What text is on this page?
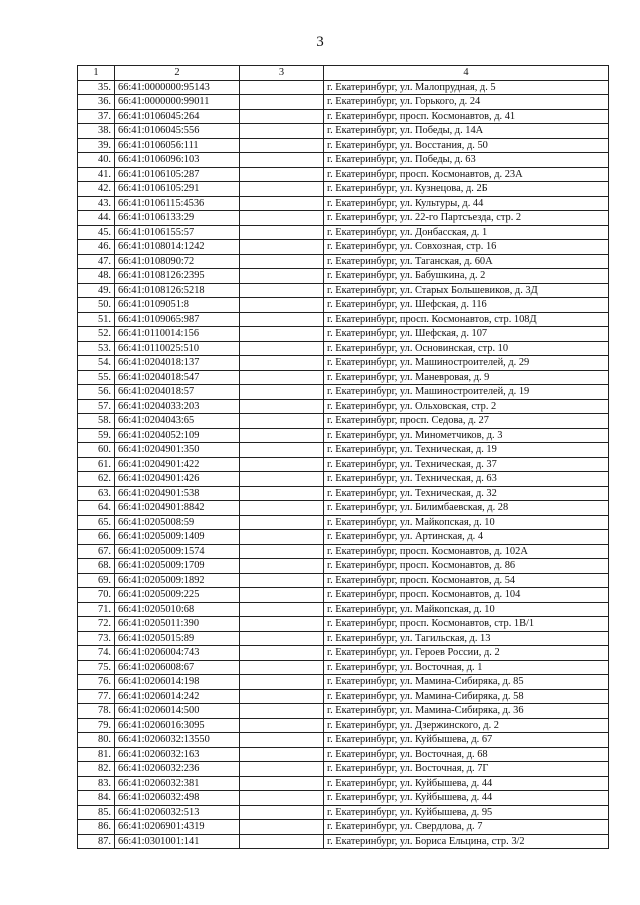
3
1	2	3	4
35.	66:41:0000000:95143		г. Екатеринбург, ул. Малопрудная, д. 5
36.	66:41:0000000:99011		г. Екатеринбург, ул. Горького, д. 24
37.	66:41:0106045:264		г. Екатеринбург, просп. Космонавтов, д. 41
38.	66:41:0106045:556		г. Екатеринбург, ул. Победы, д. 14А
39.	66:41:0106056:111		г. Екатеринбург, ул. Восстания, д. 50
40.	66:41:0106096:103		г. Екатеринбург, ул. Победы, д. 63
41.	66:41:0106105:287		г. Екатеринбург, просп. Космонавтов, д. 23А
42.	66:41:0106105:291		г. Екатеринбург, ул. Кузнецова, д. 2Б
43.	66:41:0106115:4536		г. Екатеринбург, ул. Культуры, д. 44
44.	66:41:0106133:29		г. Екатеринбург, ул. 22-го Партсъезда, стр. 2
45.	66:41:0106155:57		г. Екатеринбург, ул. Донбасская, д. 1
46.	66:41:0108014:1242		г. Екатеринбург, ул. Совхозная, стр. 16
47.	66:41:0108090:72		г. Екатеринбург, ул. Таганская, д. 60А
48.	66:41:0108126:2395		г. Екатеринбург, ул. Бабушкина, д. 2
49.	66:41:0108126:5218		г. Екатеринбург, ул. Старых Большевиков, д. 3Д
50.	66:41:0109051:8		г. Екатеринбург, ул. Шефская, д. 116
51.	66:41:0109065:987		г. Екатеринбург, просп. Космонавтов, стр. 108Д
52.	66:41:0110014:156		г. Екатеринбург, ул. Шефская, д. 107
53.	66:41:0110025:510		г. Екатеринбург, ул. Основинская, стр. 10
54.	66:41:0204018:137		г. Екатеринбург, ул. Машиностроителей, д. 29
55.	66:41:0204018:547		г. Екатеринбург, ул. Маневровая, д. 9
56.	66:41:0204018:57		г. Екатеринбург, ул. Машиностроителей, д. 19
57.	66:41:0204033:203		г. Екатеринбург, ул. Ольховская, стр. 2
58.	66:41:0204043:65		г. Екатеринбург, просп. Седова, д. 27
59.	66:41:0204052:109		г. Екатеринбург, ул. Минометчиков, д. 3
60.	66:41:0204901:350		г. Екатеринбург, ул. Техническая, д. 19
61.	66:41:0204901:422		г. Екатеринбург, ул. Техническая, д. 37
62.	66:41:0204901:426		г. Екатеринбург, ул. Техническая, д. 63
63.	66:41:0204901:538		г. Екатеринбург, ул. Техническая, д. 32
64.	66:41:0204901:8842		г. Екатеринбург, ул. Билимбаевская, д. 28
65.	66:41:0205008:59		г. Екатеринбург, ул. Майкопская, д. 10
66.	66:41:0205009:1409		г. Екатеринбург, ул. Артинская, д. 4
67.	66:41:0205009:1574		г. Екатеринбург, просп. Космонавтов, д. 102А
68.	66:41:0205009:1709		г. Екатеринбург, просп. Космонавтов, д. 86
69.	66:41:0205009:1892		г. Екатеринбург, просп. Космонавтов, д. 54
70.	66:41:0205009:225		г. Екатеринбург, просп. Космонавтов, д. 104
71.	66:41:0205010:68		г. Екатеринбург, ул. Майкопская, д. 10
72.	66:41:0205011:390		г. Екатеринбург, просп. Космонавтов, стр. 1В/1
73.	66:41:0205015:89		г. Екатеринбург, ул. Тагильская, д. 13
74.	66:41:0206004:743		г. Екатеринбург, ул. Героев России, д. 2
75.	66:41:0206008:67		г. Екатеринбург, ул. Восточная, д. 1
76.	66:41:0206014:198		г. Екатеринбург, ул. Мамина-Сибиряка, д. 85
77.	66:41:0206014:242		г. Екатеринбург, ул. Мамина-Сибиряка, д. 58
78.	66:41:0206014:500		г. Екатеринбург, ул. Мамина-Сибиряка, д. 36
79.	66:41:0206016:3095		г. Екатеринбург, ул. Дзержинского, д. 2
80.	66:41:0206032:13550		г. Екатеринбург, ул. Куйбышева, д. 67
81.	66:41:0206032:163		г. Екатеринбург, ул. Восточная, д. 68
82.	66:41:0206032:236		г. Екатеринбург, ул. Восточная, д. 7Г
83.	66:41:0206032:381		г. Екатеринбург, ул. Куйбышева, д. 44
84.	66:41:0206032:498		г. Екатеринбург, ул. Куйбышева, д. 44
85.	66:41:0206032:513		г. Екатеринбург, ул. Куйбышева, д. 95
86.	66:41:0206901:4319		г. Екатеринбург, ул. Свердлова, д. 7
87.	66:41:0301001:141		г. Екатеринбург, ул. Бориса Ельцина, стр. 3/2
